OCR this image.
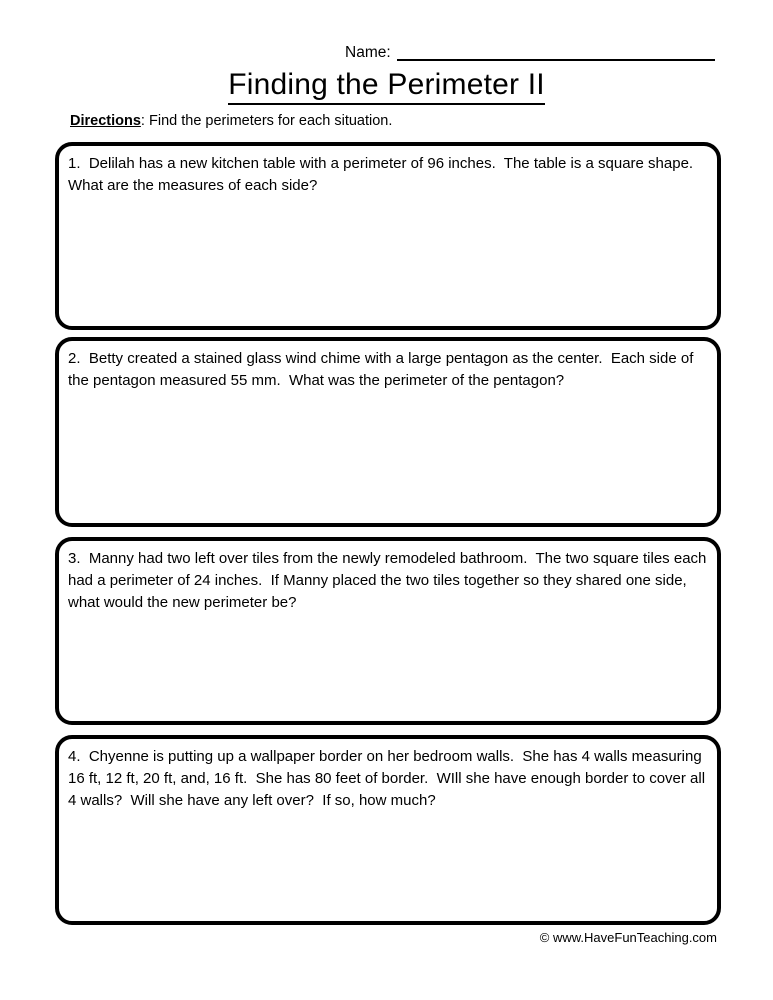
Name:
Finding the Perimeter II
Directions: Find the perimeters for each situation.
1.  Delilah has a new kitchen table with a perimeter of 96 inches.  The table is a square shape.  What are the measures of each side?
2.  Betty created a stained glass wind chime with a large pentagon as the center.  Each side of the pentagon measured 55 mm.  What was the perimeter of the pentagon?
3.  Manny had two left over tiles from the newly remodeled bathroom.  The two square tiles each had a perimeter of 24 inches.  If Manny placed the two tiles together so they shared one side, what would the new perimeter be?
4.  Chyenne is putting up a wallpaper border on her bedroom walls.  She has 4 walls measuring 16 ft, 12 ft, 20 ft, and, 16 ft.  She has 80 feet of border.  WIll she have enough border to cover all 4 walls?  Will she have any left over?  If so, how much?
© www.HaveFunTeaching.com
